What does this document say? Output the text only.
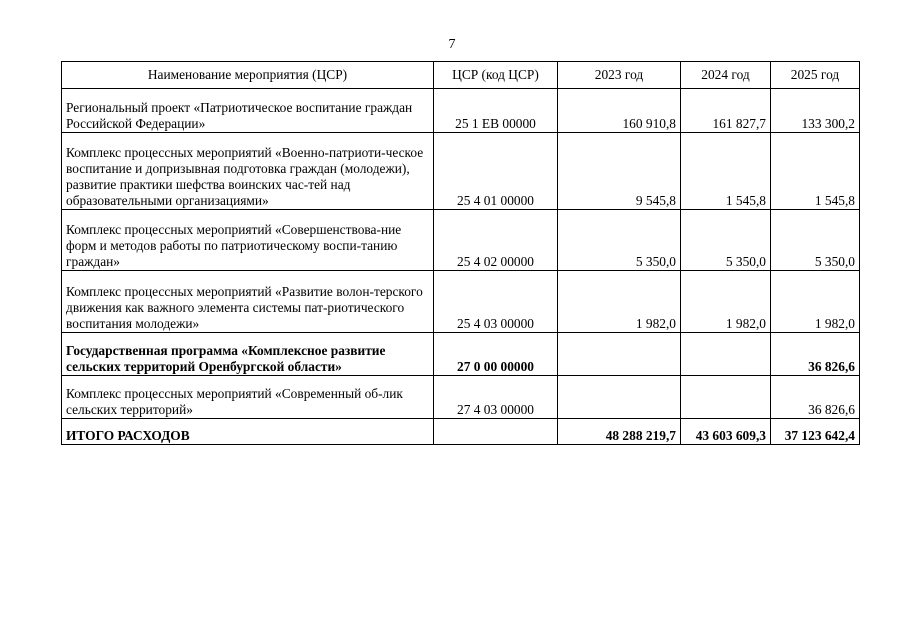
7
Наименование мероприятия (ЦСР)	ЦСР (код ЦСР)	2023 год	2024 год	2025 год
Региональный проект «Патриотическое воспитание граждан Российской Федерации»	25 1 ЕВ 00000	160 910,8	161 827,7	133 300,2
Комплекс процессных мероприятий «Военно-патриоти-ческое воспитание и допризывная подготовка граждан (молодежи), развитие практики шефства воинских час-тей над образовательными организациями»	25 4 01 00000	9 545,8	1 545,8	1 545,8
Комплекс процессных мероприятий «Совершенствова-ние форм и методов работы по патриотическому воспи-танию граждан»	25 4 02 00000	5 350,0	5 350,0	5 350,0
Комплекс процессных мероприятий «Развитие волон-терского движения как важного элемента системы пат-риотического воспитания молодежи»	25 4 03 00000	1 982,0	1 982,0	1 982,0
Государственная программа «Комплексное развитие сельских территорий Оренбургской области»	27 0 00 00000			36 826,6
Комплекс процессных мероприятий «Современный об-лик сельских территорий»	27 4 03 00000			36 826,6
ИТОГО РАСХОДОВ		48 288 219,7	43 603 609,3	37 123 642,4
